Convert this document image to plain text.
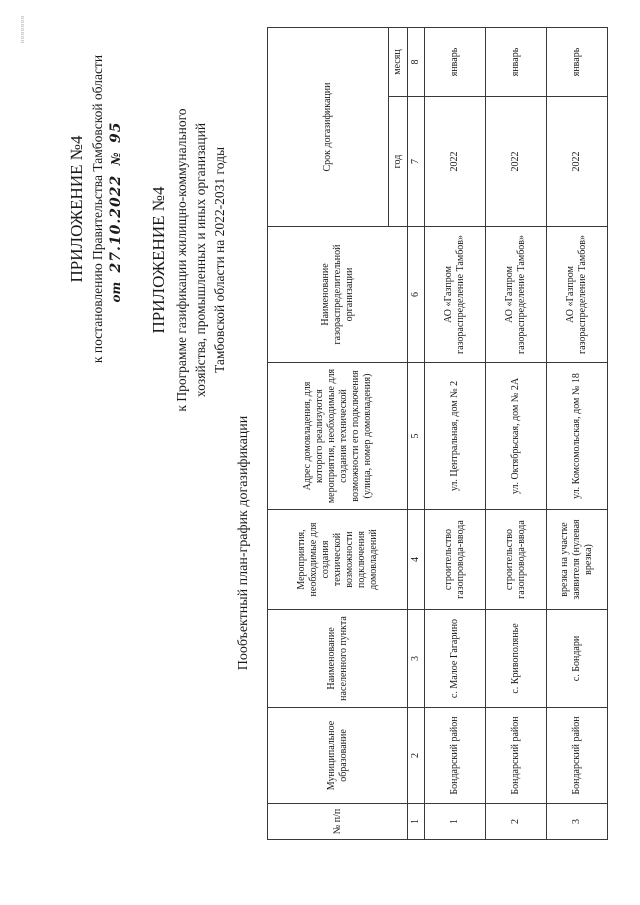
ооооооо
ПРИЛОЖЕНИЕ №4 к постановлению Правительства Тамбовской области от 27.10.2022 № 95
ПРИЛОЖЕНИЕ №4 к Программе газификации жилищно-коммунального хозяйства, промышленных и иных организаций Тамбовской области на 2022-2031 годы
Пообъектный план-график догазификации
№ п/п	Муниципальное образование	Наименование населенного пункта	Мероприятия, необходимые для создания технической возможности подключения домовладений	Адрес домовладения, для которого реализуются мероприятия, необходимые для создания технической возможности его подключения (улица, номер домовладения)	Наименование газораспределительной организации	Срок догазификации	
						год	месяц
1	2	3	4	5	6	7	8
1	Бондарский район	с. Малое Гагарино	строительство газопровода-ввода	ул. Центральная, дом № 2	АО «Газпром газораспределение Тамбов»	2022	январь
2	Бондарский район	с. Кривополянье	строительство газопровода-ввода	ул. Октябрьская, дом № 2А	АО «Газпром газораспределение Тамбов»	2022	январь
3	Бондарский район	с. Бондари	врезка на участке заявителя (нулевая врезка)	ул. Комсомольская, дом № 18	АО «Газпром газораспределение Тамбов»	2022	январь
